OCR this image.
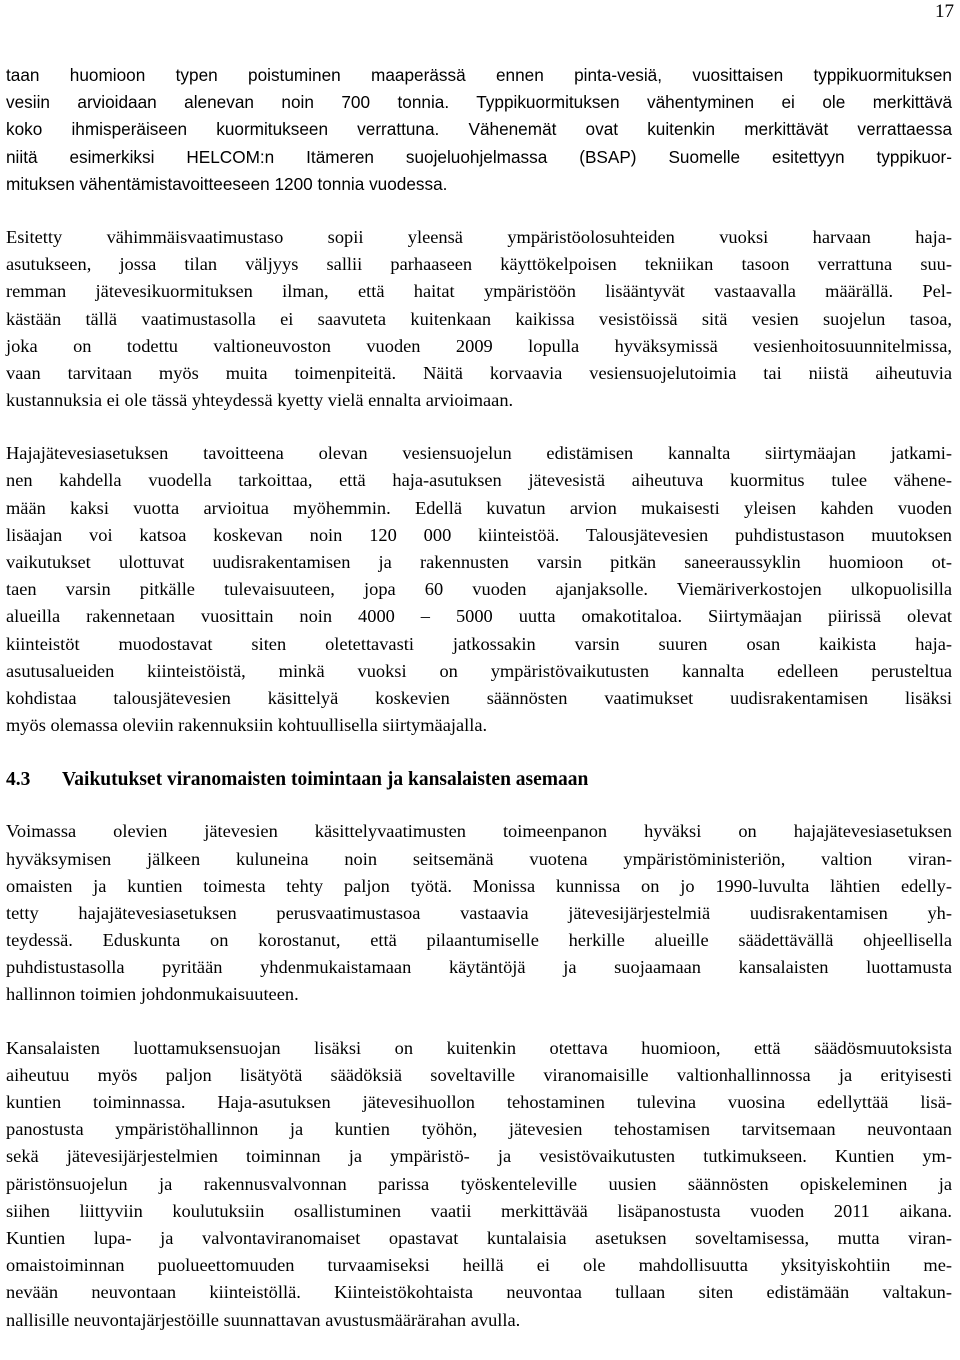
17
taan huomioon typen poistuminen maaperässä ennen pinta-vesiä, vuosittaisen typpikuormituksen
vesiin arvioidaan alenevan noin 700 tonnia. Typpikuormituksen vähentyminen ei ole merkittävä
koko ihmisperäiseen kuormitukseen verrattuna. Vähenemät ovat kuitenkin merkittävät verrattaessa
niitä esimerkiksi HELCOM:n Itämeren suojeluohjelmassa (BSAP) Suomelle esitettyyn typpikuor-
mituksen vähentämistavoitteeseen 1200 tonnia vuodessa.
Esitetty vähimmäisvaatimustaso sopii yleensä ympäristöolosuhteiden vuoksi harvaan haja-
asutukseen, jossa tilan väljyys sallii parhaaseen käyttökelpoisen tekniikan tasoon verrattuna suu-
remman jätevesikuormituksen ilman, että haitat ympäristöön lisääntyvät vastaavalla määrällä. Pel-
kästään tällä vaatimustasolla ei saavuteta kuitenkaan kaikissa vesistöissä sitä vesien suojelun tasoa,
joka on todettu valtioneuvoston vuoden 2009 lopulla hyväksymissä vesienhoitosuunnitelmissa,
vaan tarvitaan myös muita toimenpiteitä. Näitä korvaavia vesiensuojelutoimia tai niistä aiheutuvia
kustannuksia ei ole tässä yhteydessä kyetty vielä ennalta arvioimaan.
Hajajätevesiasetuksen tavoitteena olevan vesiensuojelun edistämisen kannalta siirtymäajan jatkami-
nen kahdella vuodella tarkoittaa, että haja-asutuksen jätevesistä aiheutuva kuormitus tulee vähene-
mään kaksi vuotta arvioitua myöhemmin. Edellä kuvatun arvion mukaisesti yleisen kahden vuoden
lisäajan voi katsoa koskevan noin 120 000 kiinteistöä. Talousjätevesien puhdistustason muutoksen
vaikutukset ulottuvat uudisrakentamisen ja rakennusten varsin pitkän saneeraussyklin huomioon ot-
taen varsin pitkälle tulevaisuuteen, jopa 60 vuoden ajanjaksolle. Viemäriverkostojen ulkopuolisilla
alueilla rakennetaan vuosittain noin 4000 – 5000 uutta omakotitaloa. Siirtymäajan piirissä olevat
kiinteistöt muodostavat siten oletettavasti jatkossakin varsin suuren osan kaikista haja-
asutusalueiden kiinteistöistä, minkä vuoksi on ympäristövaikutusten kannalta edelleen perusteltua
kohdistaa talousjätevesien käsittelyä koskevien säännösten vaatimukset uudisrakentamisen lisäksi
myös olemassa oleviin rakennuksiin kohtuullisella siirtymäajalla.
4.3 Vaikutukset viranomaisten toimintaan ja kansalaisten asemaan
Voimassa olevien jätevesien käsittelyvaatimusten toimeenpanon hyväksi on hajajätevesiasetuksen
hyväksymisen jälkeen kuluneina noin seitsemänä vuotena ympäristöministeriön, valtion viran-
omaisten ja kuntien toimesta tehty paljon työtä. Monissa kunnissa on jo 1990-luvulta lähtien edelly-
tetty hajajätevesiasetuksen perusvaatimustasoa vastaavia jätevesijärjestelmiä uudisrakentamisen yh-
teydessä. Eduskunta on korostanut, että pilaantumiselle herkille alueille säädettävällä ohjeellisella
puhdistustasolla pyritään yhdenmukaistamaan käytäntöjä ja suojaamaan kansalaisten luottamusta
hallinnon toimien johdonmukaisuuteen.
Kansalaisten luottamuksensuojan lisäksi on kuitenkin otettava huomioon, että säädösmuutoksista
aiheutuu myös paljon lisätyötä säädöksiä soveltaville viranomaisille valtionhallinnossa ja erityisesti
kuntien toiminnassa. Haja-asutuksen jätevesihuollon tehostaminen tulevina vuosina edellyttää lisä-
panostusta ympäristöhallinnon ja kuntien työhön, jätevesien tehostamisen tarvitsemaan neuvontaan
sekä jätevesijärjestelmien toiminnan ja ympäristö- ja vesistövaikutusten tutkimukseen. Kuntien ym-
päristönsuojelun ja rakennusvalvonnan parissa työskenteleville uusien säännösten opiskeleminen ja
siihen liittyviin koulutuksiin osallistuminen vaatii merkittävää lisäpanostusta vuoden 2011 aikana.
Kuntien lupa- ja valvontaviranomaiset opastavat kuntalaisia asetuksen soveltamisessa, mutta viran-
omaistoiminnan puolueettomuuden turvaamiseksi heillä ei ole mahdollisuutta yksityiskohtiin me-
nevään neuvontaan kiinteistöllä. Kiinteistökohtaista neuvontaa tullaan siten edistämään valtakun-
nallisille neuvontajärjestöille suunnattavan avustusmäärärahan avulla.
